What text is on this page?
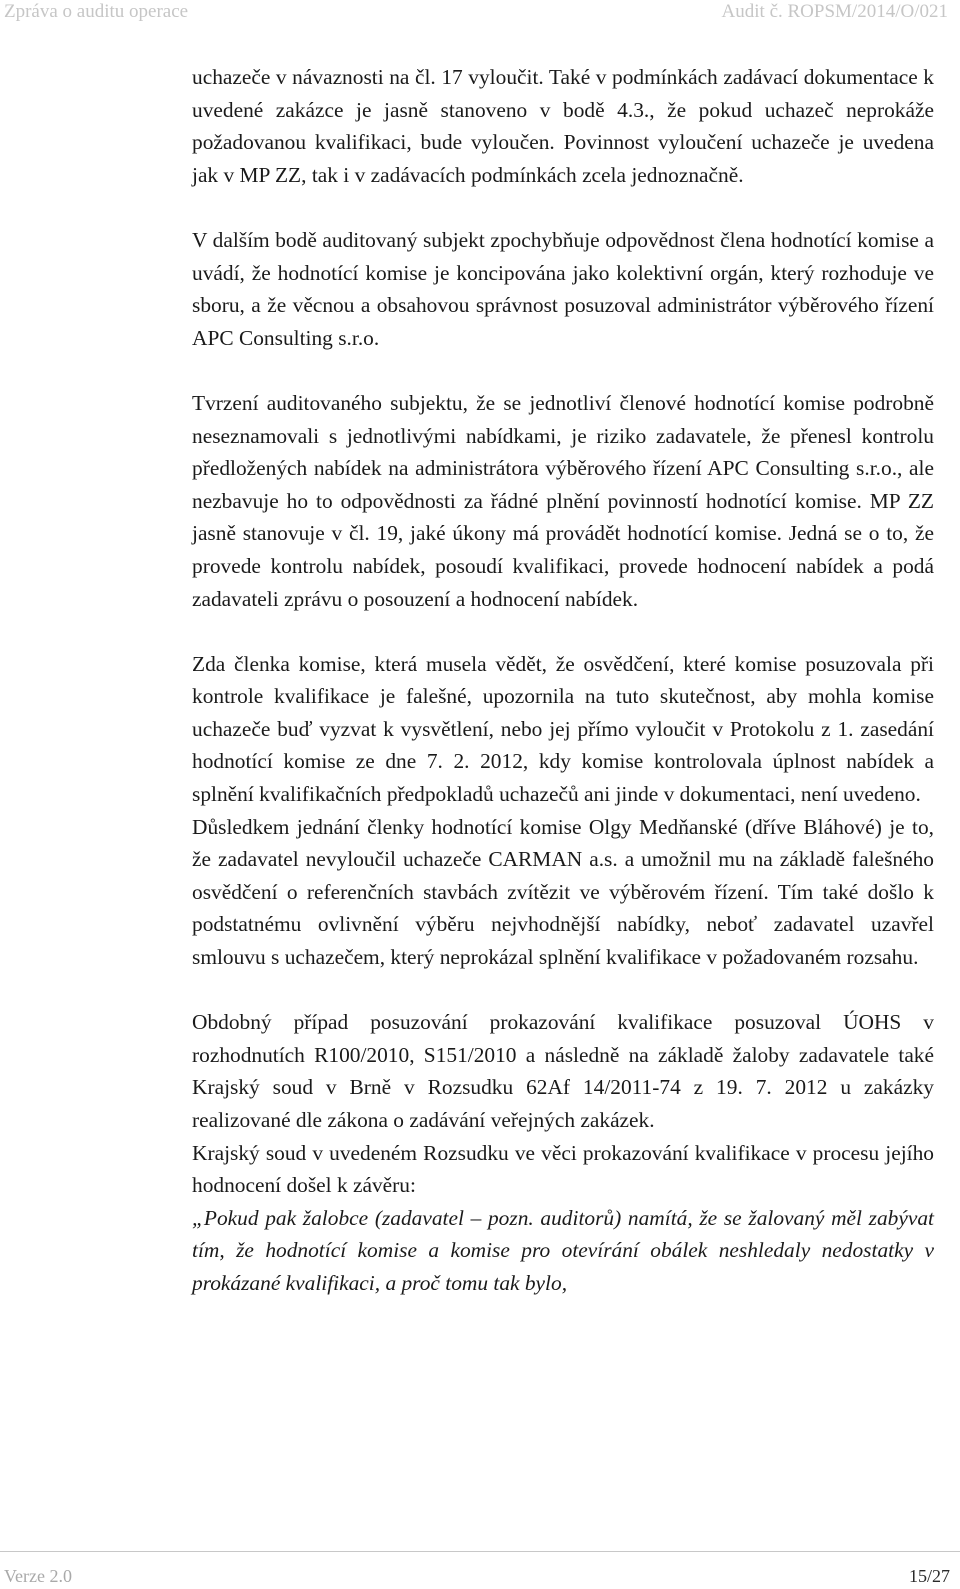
Zpráva o auditu operace	Audit č. ROPSM/2014/O/021

uchazeče v návaznosti na čl. 17 vyloučit. Také v podmínkách zadávací dokumentace k uvedené zakázce je jasně stanoveno v bodě 4.3., že pokud uchazeč neprokáže požadovanou kvalifikaci, bude vyloučen. Povinnost vyloučení uchazeče je uvedena jak v MP ZZ, tak i v zadávacích podmínkách zcela jednoznačně.

V dalším bodě auditovaný subjekt zpochybňuje odpovědnost člena hodnotící komise a uvádí, že hodnotící komise je koncipována jako kolektivní orgán, který rozhoduje ve sboru, a že věcnou a obsahovou správnost posuzoval administrátor výběrového řízení APC Consulting s.r.o.

Tvrzení auditovaného subjektu, že se jednotliví členové hodnotící komise podrobně neseznamovali s jednotlivými nabídkami, je riziko zadavatele, že přenesl kontrolu předložených nabídek na administrátora výběrového řízení APC Consulting s.r.o., ale nezbavuje ho to odpovědnosti za řádné plnění povinností hodnotící komise. MP ZZ jasně stanovuje v čl. 19, jaké úkony má provádět hodnotící komise. Jedná se o to, že provede kontrolu nabídek, posoudí kvalifikaci, provede hodnocení nabídek a podá zadavateli zprávu o posouzení a hodnocení nabídek.

Zda členka komise, která musela vědět, že osvědčení, které komise posuzovala při kontrole kvalifikace je falešné, upozornila na tuto skutečnost, aby mohla komise uchazeče buď vyzvat k vysvětlení, nebo jej přímo vyloučit v Protokolu z 1. zasedání hodnotící komise ze dne 7. 2. 2012, kdy komise kontrolovala úplnost nabídek a splnění kvalifikačních předpokladů uchazečů ani jinde v dokumentaci, není uvedeno.

Důsledkem jednání členky hodnotící komise Olgy Medňanské (dříve Bláhové) je to, že zadavatel nevyloučil uchazeče CARMAN a.s. a umožnil mu na základě falešného osvědčení o referenčních stavbách zvítězit ve výběrovém řízení. Tím také došlo k podstatnému ovlivnění výběru nejvhodnější nabídky, neboť zadavatel uzavřel smlouvu s uchazečem, který neprokázal splnění kvalifikace v požadovaném rozsahu.

Obdobný případ posuzování prokazování kvalifikace posuzoval ÚOHS v rozhodnutích R100/2010, S151/2010 a následně na základě žaloby zadavatele také Krajský soud v Brně v Rozsudku 62Af 14/2011-74 z 19. 7. 2012 u zakázky realizované dle zákona o zadávání veřejných zakázek.

Krajský soud v uvedeném Rozsudku ve věci prokazování kvalifikace v procesu jejího hodnocení došel k závěru:

„Pokud pak žalobce (zadavatel – pozn. auditorů) namítá, že se žalovaný měl zabývat tím, že hodnotící komise a komise pro otevírání obálek neshledaly nedostatky v prokázané kvalifikaci, a proč tomu tak bylo,

Verze 2.0	15/27
